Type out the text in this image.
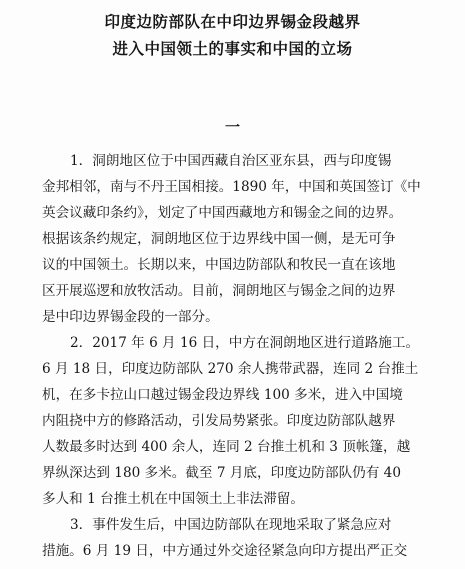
印度边防部队在中印边界锡金段越界
进入中国领土的事实和中国的立场
一

1．洞朗地区位于中国西藏自治区亚东县，西与印度锡

金邦相邻，南与不丹王国相接。1890 年，中国和英国签订《中

英会议藏印条约》，划定了中国西藏地方和锡金之间的边界。

根据该条约规定，洞朗地区位于边界线中国一侧，是无可争

议的中国领土。长期以来，中国边防部队和牧民一直在该地

区开展巡逻和放牧活动。目前，洞朗地区与锡金之间的边界

是中印边界锡金段的一部分。

2．2017 年 6 月 16 日，中方在洞朗地区进行道路施工。

6 月 18 日，印度边防部队 270 余人携带武器，连同 2 台推土

机，在多卡拉山口越过锡金段边界线 100 多米，进入中国境

内阻挠中方的修路活动，引发局势紧张。印度边防部队越界

人数最多时达到 400 余人，连同 2 台推土机和 3 顶帐篷，越

界纵深达到 180 多米。截至 7 月底，印度边防部队仍有 40

多人和 1 台推土机在中国领土上非法滞留。

3．事件发生后，中国边防部队在现地采取了紧急应对

措施。6 月 19 日，中方通过外交途径紧急向印方提出严正交
